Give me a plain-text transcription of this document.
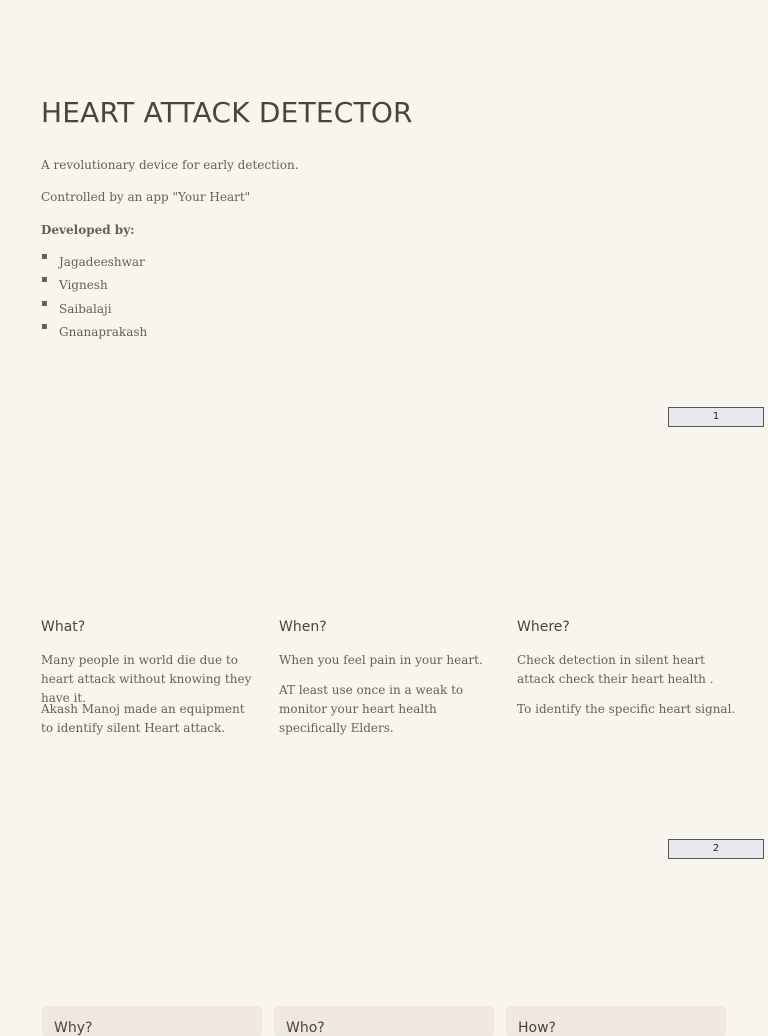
HEART ATTACK DETECTOR

A revolutionary device for early detection.

Controlled by an app "Your Heart"

Developed by:

▪ Jagadeeshwar
▪ Vignesh
▪ Saibalaji
▪ Gnanaprakash
1
What?

Many people in world die due to heart attack without knowing they have it.

Akash Manoj made an equipment to identify silent Heart attack.

When?

When you feel pain in your heart.

AT least use once in a weak to monitor your heart health specifically Elders.

Where?

Check detection in silent heart attack check their heart health .

To identify the specific heart signal.

2
Why?	Who?	How?
